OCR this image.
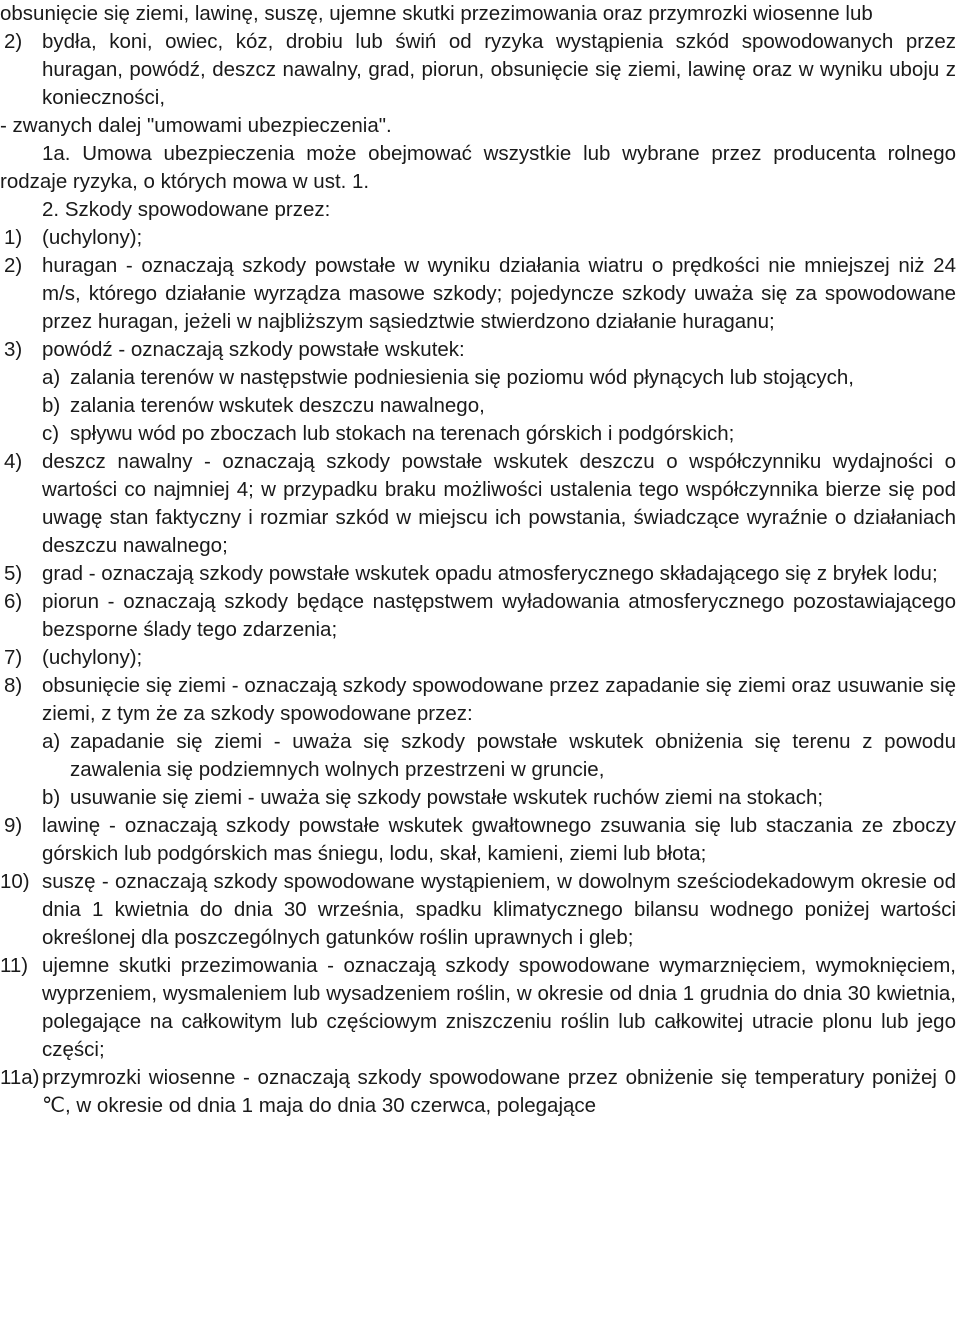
obsunięcie się ziemi, lawinę, suszę, ujemne skutki przezimowania oraz przymrozki wiosenne lub

2) bydła, koni, owiec, kóz, drobiu lub świń od ryzyka wystąpienia szkód spowodowanych przez huragan, powódź, deszcz nawalny, grad, piorun, obsunięcie się ziemi, lawinę oraz w wyniku uboju z konieczności,

- zwanych dalej "umowami ubezpieczenia".

1a. Umowa ubezpieczenia może obejmować wszystkie lub wybrane przez producenta rolnego rodzaje ryzyka, o których mowa w ust. 1.

2. Szkody spowodowane przez:

1) (uchylony);

2) huragan - oznaczają szkody powstałe w wyniku działania wiatru o prędkości nie mniejszej niż 24 m/s, którego działanie wyrządza masowe szkody; pojedyncze szkody uważa się za spowodowane przez huragan, jeżeli w najbliższym sąsiedztwie stwierdzono działanie huraganu;

3) powódź - oznaczają szkody powstałe wskutek:

a) zalania terenów w następstwie podniesienia się poziomu wód płynących lub stojących,

b) zalania terenów wskutek deszczu nawalnego,

c) spływu wód po zboczach lub stokach na terenach górskich i podgórskich;

4) deszcz nawalny - oznaczają szkody powstałe wskutek deszczu o współczynniku wydajności o wartości co najmniej 4; w przypadku braku możliwości ustalenia tego współczynnika bierze się pod uwagę stan faktyczny i rozmiar szkód w miejscu ich powstania, świadczące wyraźnie o działaniach deszczu nawalnego;

5) grad - oznaczają szkody powstałe wskutek opadu atmosferycznego składającego się z bryłek lodu;

6) piorun - oznaczają szkody będące następstwem wyładowania atmosferycznego pozostawiającego bezsporne ślady tego zdarzenia;

7) (uchylony);

8) obsunięcie się ziemi - oznaczają szkody spowodowane przez zapadanie się ziemi oraz usuwanie się ziemi, z tym że za szkody spowodowane przez:

a) zapadanie się ziemi - uważa się szkody powstałe wskutek obniżenia się terenu z powodu zawalenia się podziemnych wolnych przestrzeni w gruncie,

b) usuwanie się ziemi - uważa się szkody powstałe wskutek ruchów ziemi na stokach;

9) lawinę - oznaczają szkody powstałe wskutek gwałtownego zsuwania się lub staczania ze zboczy górskich lub podgórskich mas śniegu, lodu, skał, kamieni, ziemi lub błota;

10) suszę - oznaczają szkody spowodowane wystąpieniem, w dowolnym sześciodekadowym okresie od dnia 1 kwietnia do dnia 30 września, spadku klimatycznego bilansu wodnego poniżej wartości określonej dla poszczególnych gatunków roślin uprawnych i gleb;

11) ujemne skutki przezimowania - oznaczają szkody spowodowane wymarznięciem, wymoknięciem, wyprzeniem, wysmaleniem lub wysadzeniem roślin, w okresie od dnia 1 grudnia do dnia 30 kwietnia, polegające na całkowitym lub częściowym zniszczeniu roślin lub całkowitej utracie plonu lub jego części;

11a) przymrozki wiosenne - oznaczają szkody spowodowane przez obniżenie się temperatury poniżej 0 ℃, w okresie od dnia 1 maja do dnia 30 czerwca, polegające
